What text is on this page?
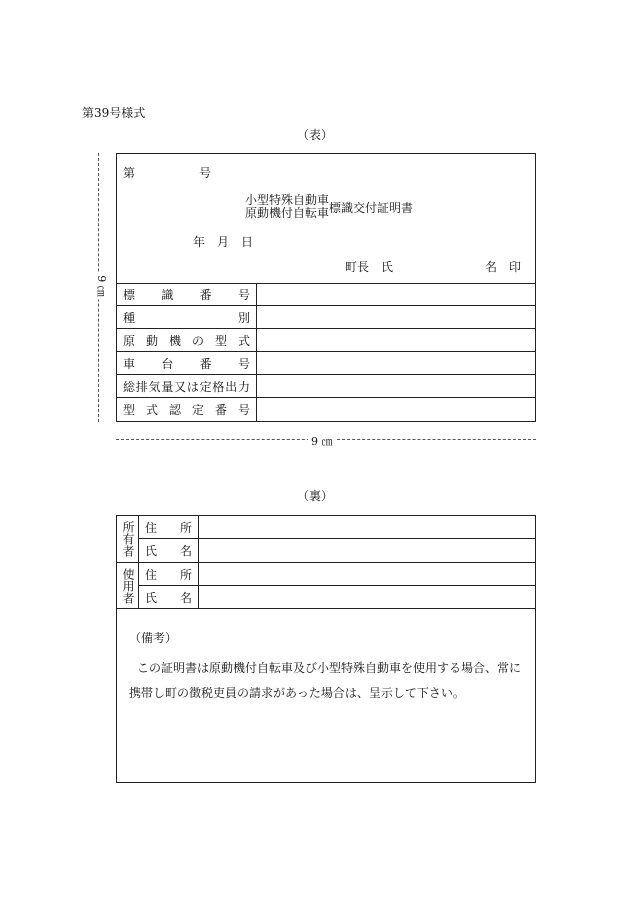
第39号様式
（表）
第　号
小型特殊自動車
原動機付自転車 標識交付証明書
年　月　日
町長　氏	名　印
標識番号
種別
原動機の型式
車台番号
総排気量又は定格出力
型式認定番号
9 ㎝
9 ㎝
（裏）
所有者 住所
氏名
使用者 住所
氏名
（備考）
この証明書は原動機付自転車及び小型特殊自動車を使用する場合、常に携帯し町の徴税吏員の請求があった場合は、呈示して下さい。
